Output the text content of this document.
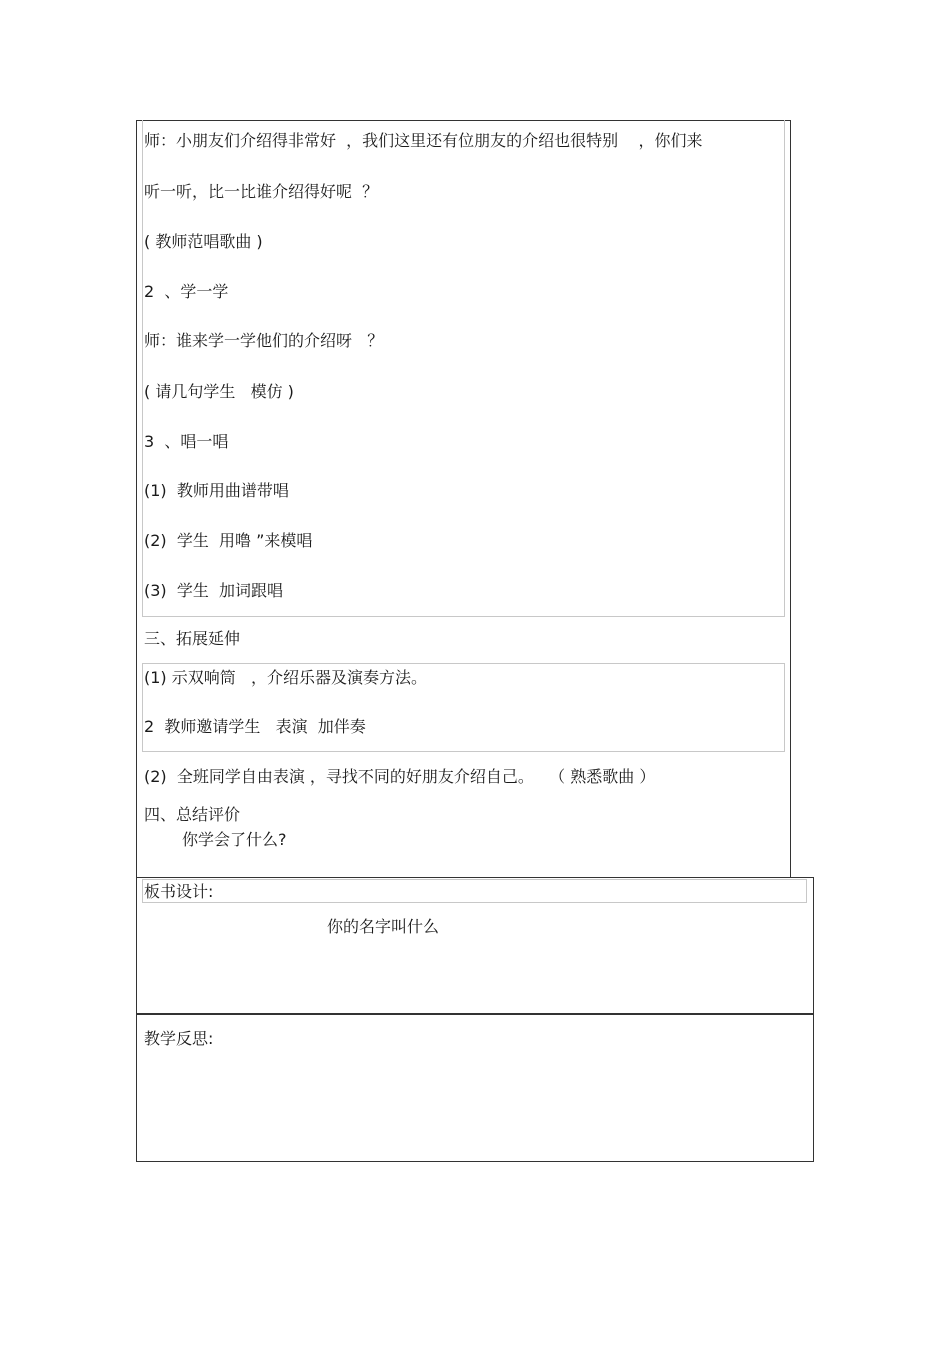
师：小朋友们介绍得非常好  ，我们这里还有位朋友的介绍也很特别    ，你们来
听一听，比一比谁介绍得好呢  ？
( 教师范唱歌曲 )
2  、学一学
师：谁来学一学他们的介绍呀   ？
( 请几句学生   模仿 )
3  、唱一唱
(1)  教师用曲谱带唱
(2)  学生  用噜 ”来模唱
(3)  学生  加词跟唱
三、拓展延伸
(1) 示双响筒   ，介绍乐器及演奏方法。
2  教师邀请学生   表演  加伴奏
(2)  全班同学自由表演 ，寻找不同的好朋友介绍自己。   （ 熟悉歌曲 ）
四、总结评价
你学会了什么?
板书设计:
你的名字叫什么
教学反思:
